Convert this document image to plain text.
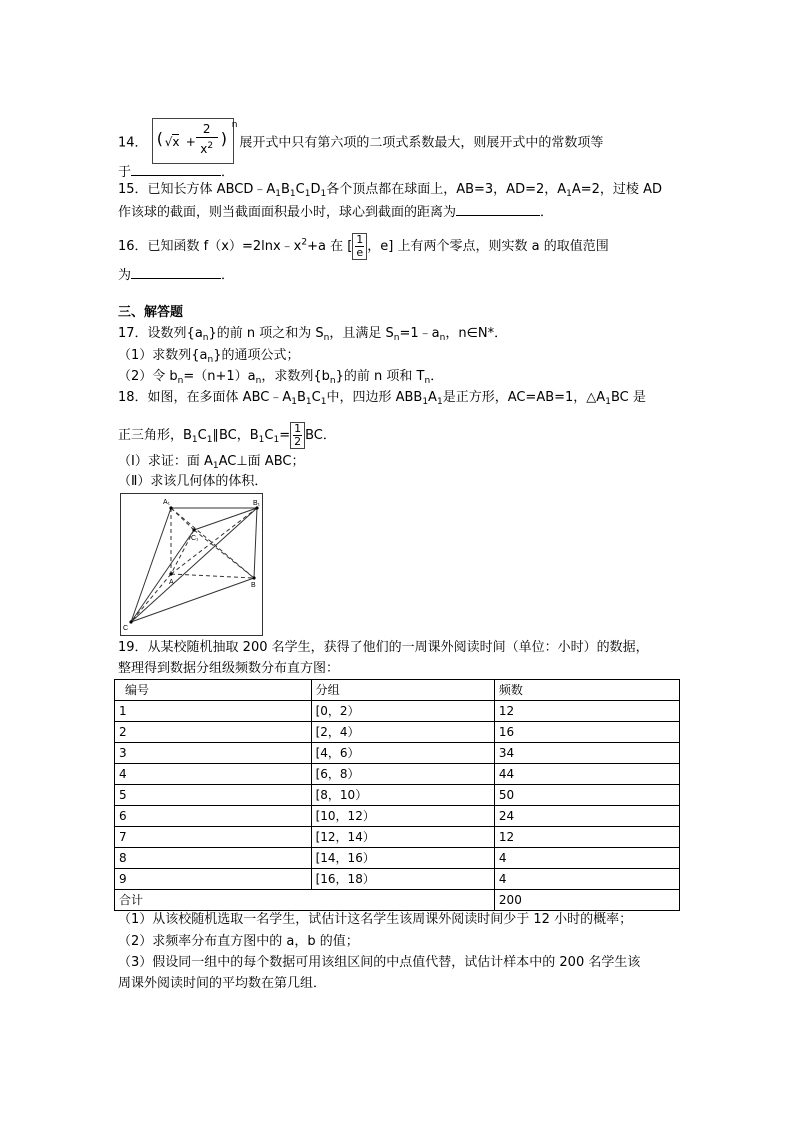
14． ( √x +
2
$x^2$ )
$^n$展开式中只有第六项的二项式系数最大，则展开式中的常数项等
于	．
15．已知长方体 $ABCD﹣A_1B_1C_1D_1$各个顶点都在球面上，AB=3，AD=2，$A_1A=2$，过棱 AD
作该球的截面，则当截面面积最小时，球心到截面的距离为	．
16．已知函数 $f(x)=2\ln x﹣x^2+a$ 在 [ $\frac{1}{e}$ ，e] 上有两个零点，则实数 a 的取值范围
为	．
三、解答题
17．设数列$\{a_n\}$的前 n 项之和为 $S_n$，且满足 $S_n=1﹣a_n$，n∈N*．
（1）求数列$\{a_n\}$的通项公式；
（2）令 $b_n=(n+1)a_n$，求数列$\{b_n\}$的前 n 项和 $T_n$．
18．如图，在多面体 $ABC﹣A_1B_1C_1$中，四边形 $ABB_1A_1$是正方形，AC=AB=1，$\triangle A_1BC$ 是
正三角形，$B_1C_1\parallel BC$，$B_1C_1= \frac{1}{2}$ BC．
（Ⅰ）求证：面 $A_1AC\perp$面 ABC；
（Ⅱ）求该几何体的体积．
A₁	B₁
C₁
A	B
C
19．从某校随机抽取 200 名学生，获得了他们的一周课外阅读时间（单位：小时）的数据，
整理得到数据分组级频数分布直方图：
编号	分组	频数
1	[0，2）	12
2	[2，4）	16
3	[4，6）	34
4	[6，8）	44
5	[8，10）	50
6	[10，12）	24
7	[12，14）	12
8	[14，16）	4
9	[16，18）	4
合计		200
（1）从该校随机选取一名学生，试估计这名学生该周课外阅读时间少于 12 小时的概率；
（2）求频率分布直方图中的 a，b 的值；
（3）假设同一组中的每个数据可用该组区间的中点值代替，试估计样本中的 200 名学生该
周课外阅读时间的平均数在第几组．
